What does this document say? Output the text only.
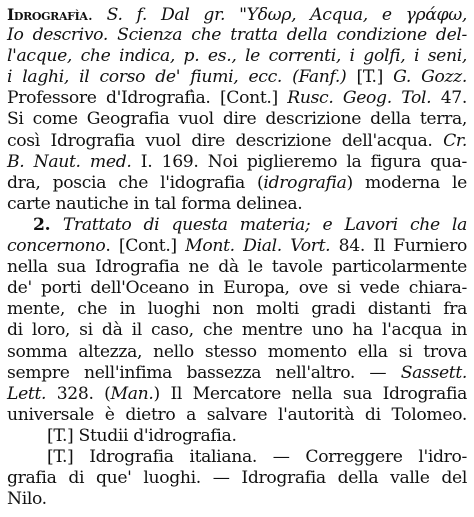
Idrografìa. S. f. Dal gr. "Υδωρ, Acqua, e γράφω,
Io descrivo. Scienza che tratta della condizione del-
l'acque, che indica, p. es., le correnti, i golfi, i seni,
i laghi, il corso de' fiumi, ecc. (Fanf.) [T.] G. Gozz.
Professore d'Idrografìa. [Cont.] Rusc. Geog. Tol. 47.
Si come Geografia vuol dire descrizione della terra,
così Idrografia vuol dire descrizione dell'acqua. Cr.
B. Naut. med. I. 169. Noi piglieremo la figura qua-
dra, poscia che l'idografia (idrografia) moderna le
carte nautiche in tal forma delinea.
2. Trattato di questa materia; e Lavori che la
concernono. [Cont.] Mont. Dial. Vort. 84. Il Furniero
nella sua Idrografia ne dà le tavole particolarmente
de' porti dell'Oceano in Europa, ove si vede chiara-
mente, che in luoghi non molti gradi distanti fra
di loro, si dà il caso, che mentre uno ha l'acqua in
somma altezza, nello stesso momento ella si trova
sempre nell'infima bassezza nell'altro. — Sassett.
Lett. 328. (Man.) Il Mercatore nella sua Idrografia
universale è dietro a salvare l'autorità di Tolomeo.
[T.] Studii d'idrografia.
[T.] Idrografia italiana. — Correggere l'idro-
grafia di que' luoghi. — Idrografia della valle del
Nilo.
